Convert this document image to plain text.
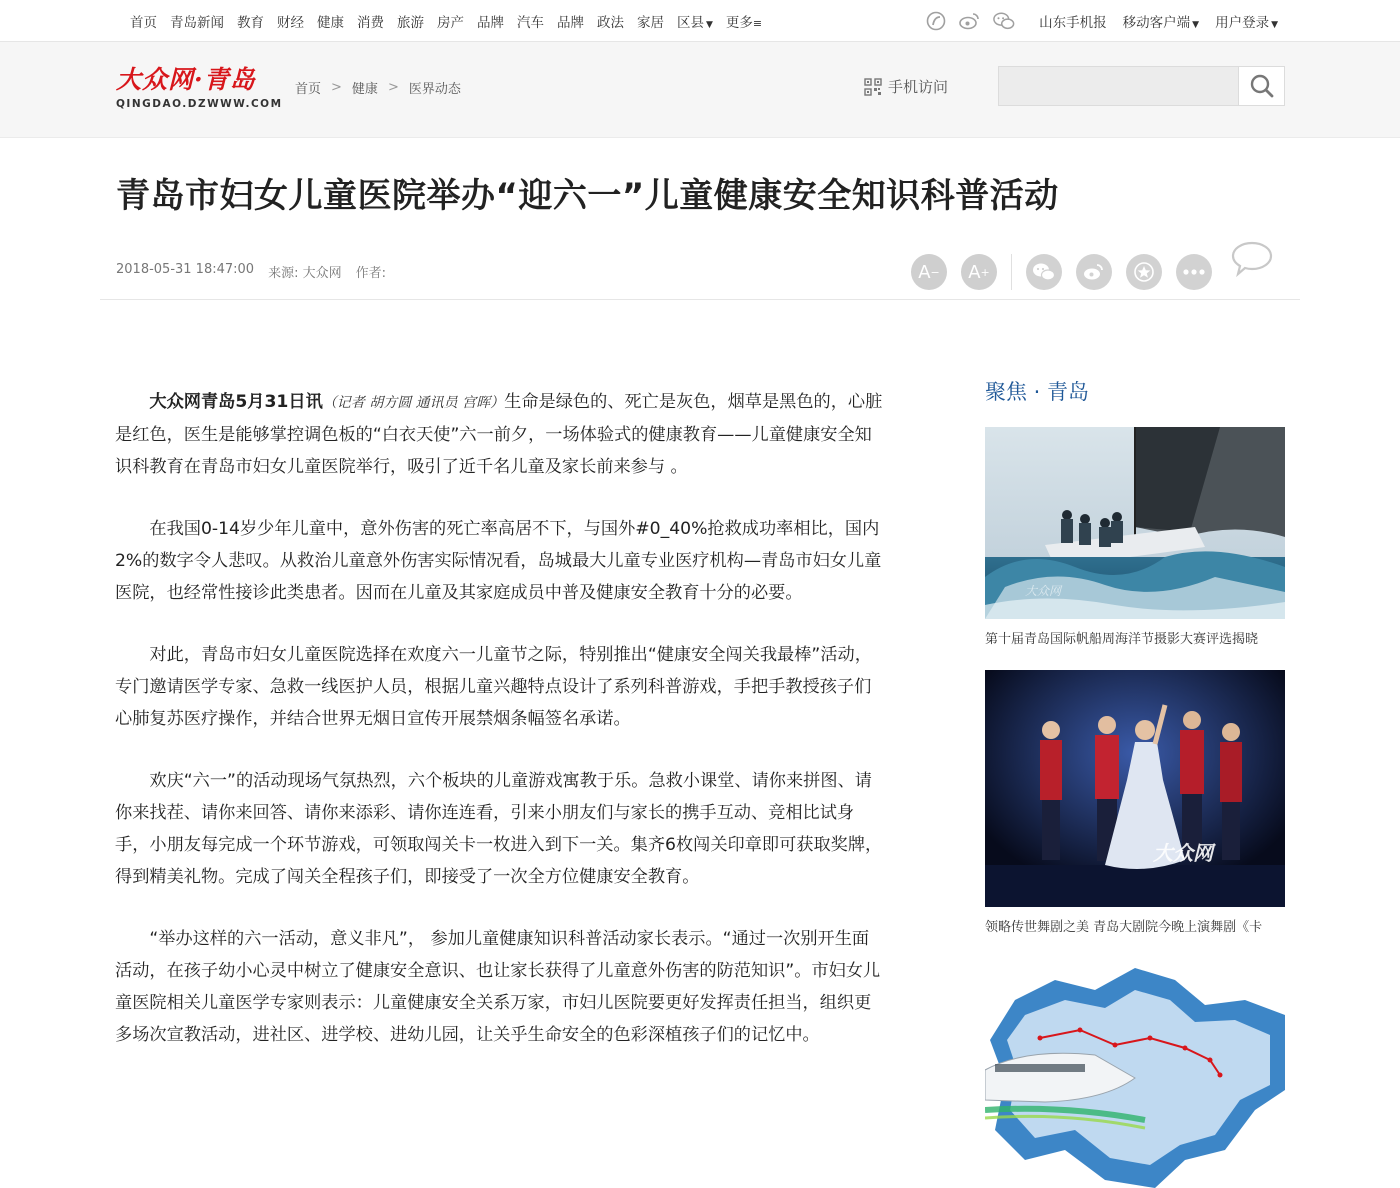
首页 青岛新闻 教育 财经 健康 消费 旅游 房产 品牌 汽车 品牌 政法 家居 区县 ▼ 更多≡	山东手机报 移动客户端 ▼ 用户登录 ▼
大众网·青岛
QINGDAO.DZWWW.COM
首页 > 健康 > 医界动态	手机访问
青岛市妇女儿童医院举办“迎六一”儿童健康安全知识科普活动
2018-05-31 18:47:00 来源: 大众网 作者:	A − A +

大众网青岛5月31日讯（记者 胡方圆 通讯员 宫晖）生命是绿色的、死亡是灰色，烟草是黑色的，心脏是红色，医生是能够掌控调色板的“白衣天使”六一前夕，一场体验式的健康教育——儿童健康安全知识科教育在青岛市妇女儿童医院举行，吸引了近千名儿童及家长前来参与 。

在我国0-14岁少年儿童中，意外伤害的死亡率高居不下，与国外#0_40%抢救成功率相比，国内2%的数字令人悲叹。从救治儿童意外伤害实际情况看，岛城最大儿童专业医疗机构—青岛市妇女儿童医院，也经常性接诊此类患者。因而在儿童及其家庭成员中普及健康安全教育十分的必要。

对此，青岛市妇女儿童医院选择在欢度六一儿童节之际，特别推出“健康安全闯关我最棒”活动，专门邀请医学专家、急救一线医护人员，根据儿童兴趣特点设计了系列科普游戏，手把手教授孩子们心肺复苏医疗操作，并结合世界无烟日宣传开展禁烟条幅签名承诺。

欢庆“六一”的活动现场气氛热烈，六个板块的儿童游戏寓教于乐。急救小课堂、请你来拼图、请你来找茬、请你来回答、请你来添彩、请你连连看，引来小朋友们与家长的携手互动、竞相比试身手，小朋友每完成一个环节游戏，可领取闯关卡一枚进入到下一关。集齐6枚闯关印章即可获取奖牌，得到精美礼物。完成了闯关全程孩子们，即接受了一次全方位健康安全教育。

“举办这样的六一活动，意义非凡”， 参加儿童健康知识科普活动家长表示。“通过一次别开生面活动，在孩子幼小心灵中树立了健康安全意识、也让家长获得了儿童意外伤害的防范知识”。市妇女儿童医院相关儿童医学专家则表示：儿童健康安全关系万家，市妇儿医院要更好发挥责任担当，组织更多场次宣教活动，进社区、进学校、进幼儿园，让关乎生命安全的色彩深植孩子们的记忆中。

聚焦 · 青岛
大众网
第十届青岛国际帆船周海洋节摄影大赛评选揭晓
大众网
领略传世舞剧之美 青岛大剧院今晚上演舞剧《卡
